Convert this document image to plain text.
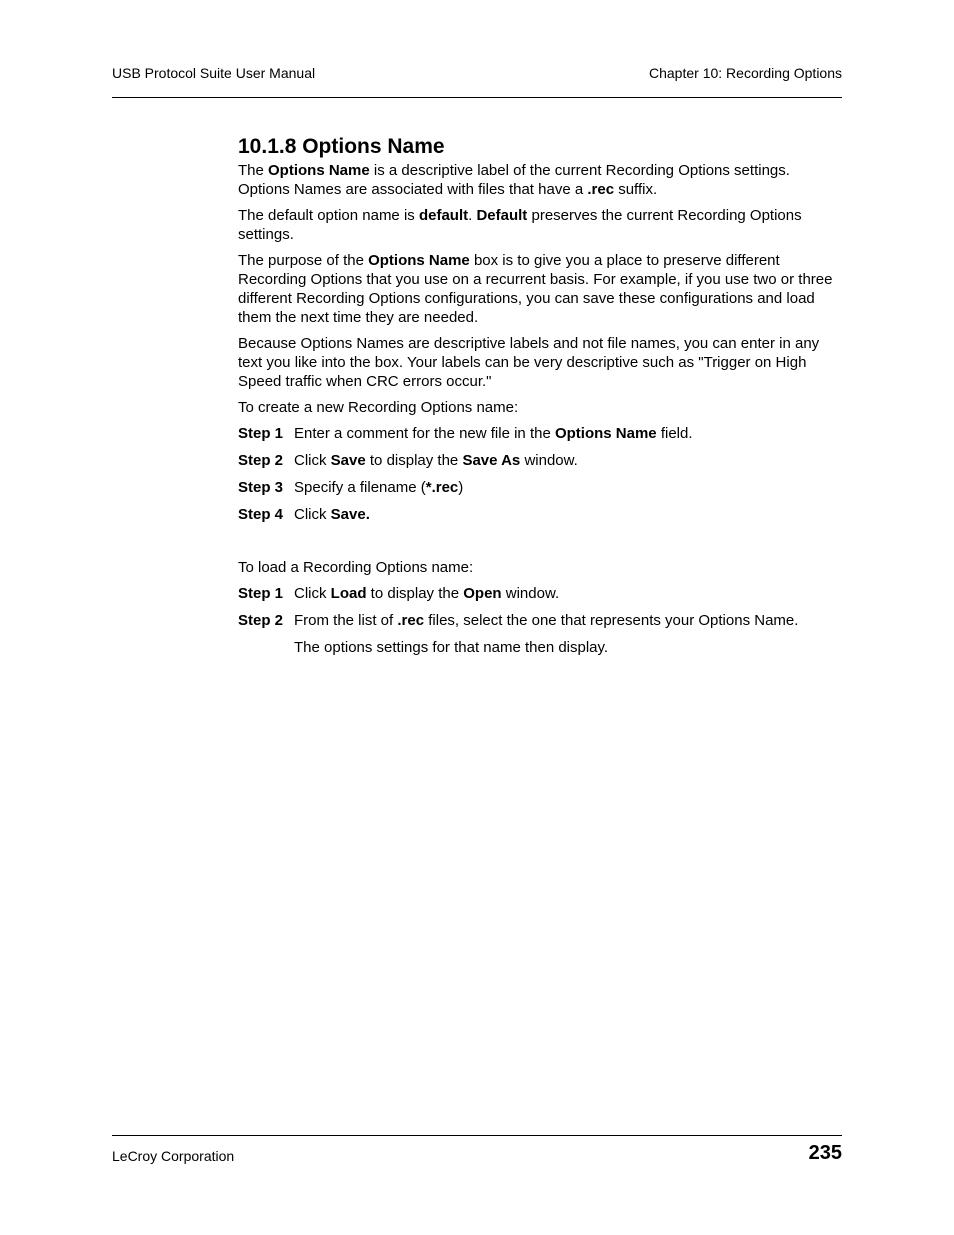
USB Protocol Suite User Manual	Chapter 10: Recording Options
10.1.8 Options Name

The Options Name is a descriptive label of the current Recording Options settings. Options Names are associated with files that have a .rec suffix.

The default option name is default. Default preserves the current Recording Options settings.

The purpose of the Options Name box is to give you a place to preserve different Recording Options that you use on a recurrent basis. For example, if you use two or three different Recording Options configurations, you can save these configurations and load them the next time they are needed.

Because Options Names are descriptive labels and not file names, you can enter in any text you like into the box. Your labels can be very descriptive such as "Trigger on High Speed traffic when CRC errors occur."

To create a new Recording Options name:

Step 1 Enter a comment for the new file in the Options Name field.
Step 2 Click Save to display the Save As window.
Step 3 Specify a filename (*.rec)
Step 4 Click Save.

To load a Recording Options name:

Step 1 Click Load to display the Open window.
Step 2 From the list of .rec files, select the one that represents your Options Name.

The options settings for that name then display.

LeCroy Corporation	235
